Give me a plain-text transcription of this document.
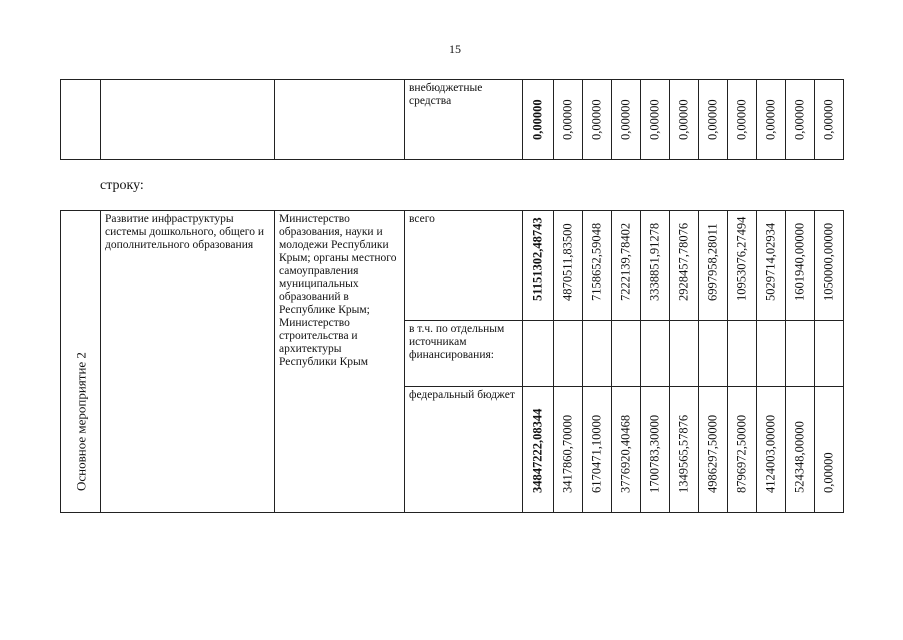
15

внебюджетные средства	0,00000	0,00000	0,00000	0,00000	0,00000	0,00000	0,00000	0,00000	0,00000	0,00000	0,00000
строку:
Основное мероприятие 2	Развитие инфраструктуры системы дошкольного, общего и дополнительного образования	Министерство образования, науки и молодежи Республики Крым; органы местного самоуправления муниципальных образований в Республике Крым; Министерство строительства и архитектуры Республики Крым	всего	51151302,48743	4870511,83500	7158652,59048	7222139,78402	3338851,91278	2928457,78076	6997958,28011	10953076,27494	5029714,02934	1601940,00000	1050000,00000

			в т.ч. по отдельным источникам финансирования:											

			федеральный бюджет	34847222,08344	3417860,70000	6170471,10000	3776920,40468	1700783,30000	1349565,57876	4986297,50000	8796972,50000	4124003,00000	524348,00000	0,00000
